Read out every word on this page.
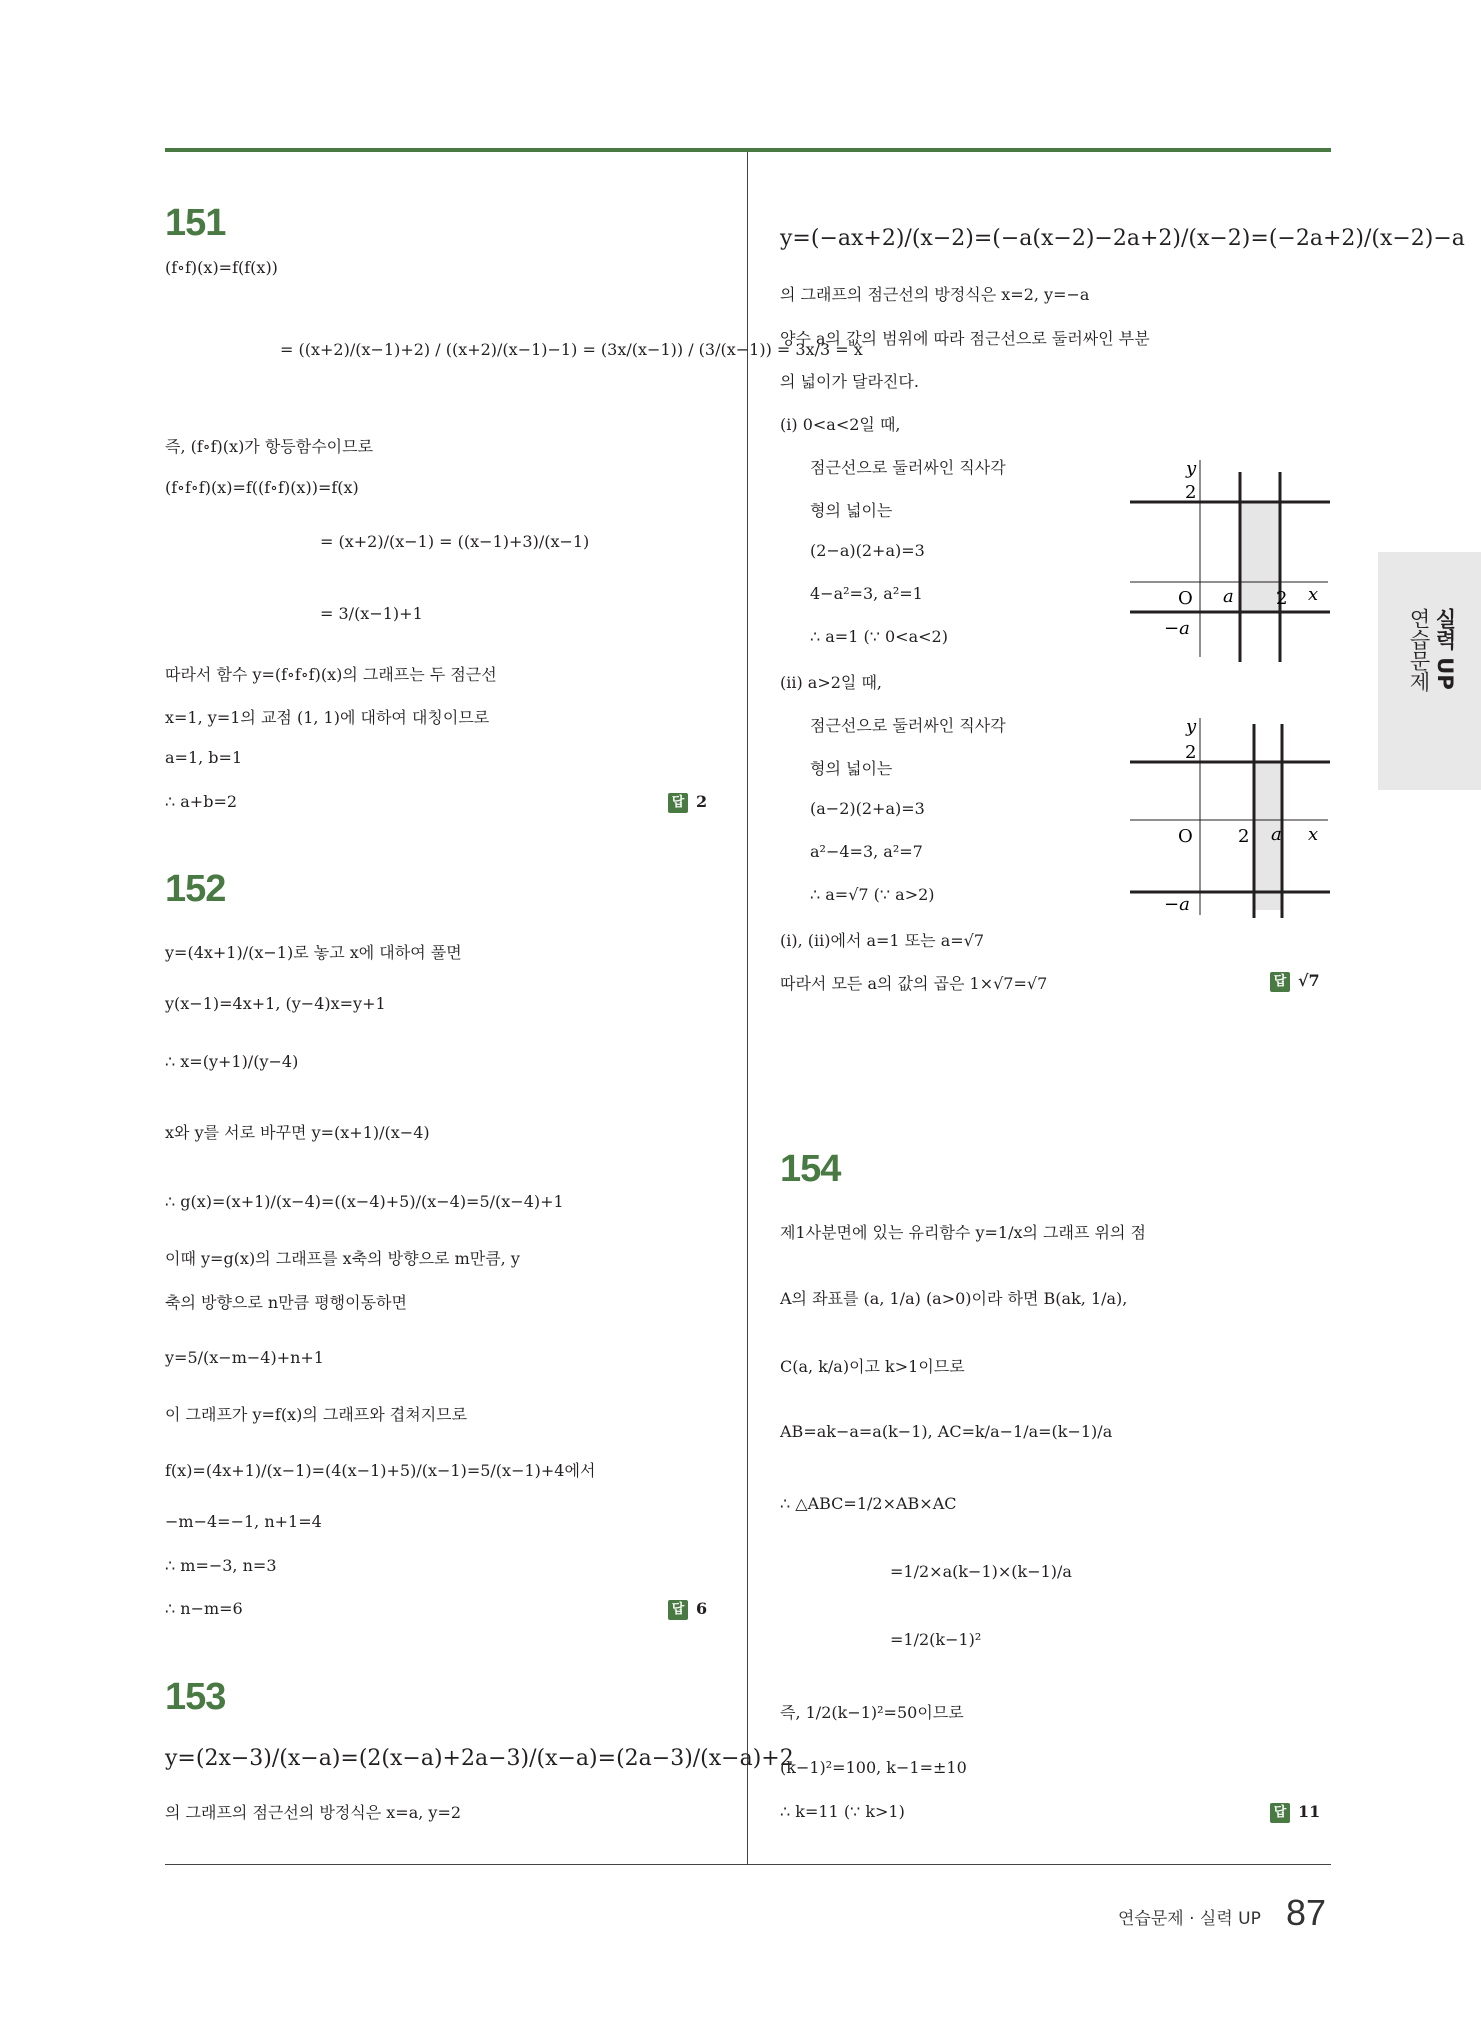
151
(f∘f)(x)=f(f(x))
= ((x+2)/(x−1)+2) / ((x+2)/(x−1)−1) = (3x/(x−1)) / (3/(x−1)) = 3x/3 = x
즉, (f∘f)(x)가 항등함수이므로
(f∘f∘f)(x)=f((f∘f)(x))=f(x)
= (x+2)/(x−1) = ((x−1)+3)/(x−1)
= 3/(x−1)+1
따라서 함수 y=(f∘f∘f)(x)의 그래프는 두 점근선
x=1, y=1의 교점 (1, 1)에 대하여 대칭이므로
a=1, b=1
∴ a+b=2	답 2
152
y=(4x+1)/(x−1)로 놓고 x에 대하여 풀면
y(x−1)=4x+1, (y−4)x=y+1
∴ x=(y+1)/(y−4)
x와 y를 서로 바꾸면 y=(x+1)/(x−4)
∴ g(x)=(x+1)/(x−4)=((x−4)+5)/(x−4)=5/(x−4)+1
이때 y=g(x)의 그래프를 x축의 방향으로 m만큼, y
축의 방향으로 n만큼 평행이동하면
y=5/(x−m−4)+n+1
이 그래프가 y=f(x)의 그래프와 겹쳐지므로
f(x)=(4x+1)/(x−1)=(4(x−1)+5)/(x−1)=5/(x−1)+4에서
−m−4=−1, n+1=4
∴ m=−3, n=3
∴ n−m=6	답 6
153
y=(2x−3)/(x−a)=(2(x−a)+2a−3)/(x−a)=(2a−3)/(x−a)+2
의 그래프의 점근선의 방정식은 x=a, y=2
y=(−ax+2)/(x−2)=(−a(x−2)−2a+2)/(x−2)=(−2a+2)/(x−2)−a
의 그래프의 점근선의 방정식은 x=2, y=−a
양수 a의 값의 범위에 따라 점근선으로 둘러싸인 부분
의 넓이가 달라진다.
(i) 0<a<2일 때,
점근선으로 둘러싸인 직사각
형의 넓이는
(2−a)(2+a)=3
4−a²=3, a²=1
∴ a=1 (∵ 0<a<2)
(ii) a>2일 때,
점근선으로 둘러싸인 직사각
형의 넓이는
(a−2)(2+a)=3
a²−4=3, a²=7
∴ a=√7 (∵ a>2)
(i), (ii)에서 a=1 또는 a=√7
따라서 모든 a의 값의 곱은 1×√7=√7	답 √7
x
y
2
O a 2
−a
x
y
2
O	2 a
−a
154
제1사분면에 있는 유리함수 y=1/x의 그래프 위의 점
A의 좌표를 (a, 1/a) (a>0)이라 하면 B(ak, 1/a),
C(a, k/a)이고 k>1이므로
AB=ak−a=a(k−1), AC=k/a−1/a=(k−1)/a
∴ △ABC=1/2×AB×AC
=1/2×a(k−1)×(k−1)/a
=1/2(k−1)²
즉, 1/2(k−1)²=50이므로
(k−1)²=100, k−1=±10
∴ k=11 (∵ k>1)	답 11
실력 UP
연습문제
연습문제 · 실력 UP 87
